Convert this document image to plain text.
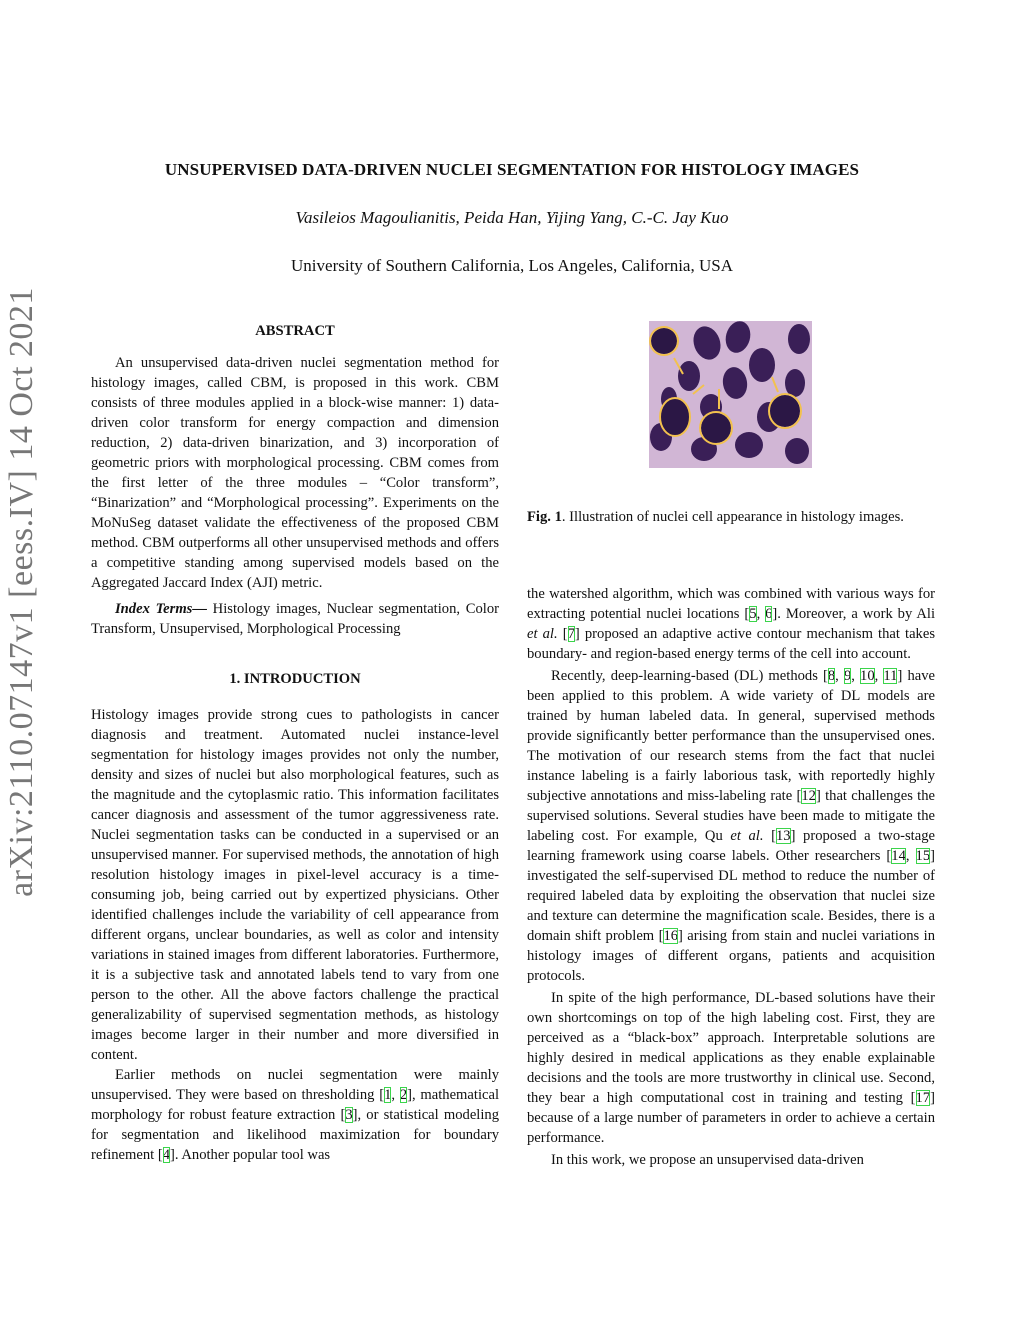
UNSUPERVISED DATA-DRIVEN NUCLEI SEGMENTATION FOR HISTOLOGY IMAGES
Vasileios Magoulianitis, Peida Han, Yijing Yang, C.-C. Jay Kuo
University of Southern California, Los Angeles, California, USA
arXiv:2110.07147v1 [eess.IV] 14 Oct 2021	ABSTRACT

An unsupervised data-driven nuclei segmentation method for histology images, called CBM, is proposed in this work. CBM consists of three modules applied in a block-wise manner: 1) data-driven color transform for energy compaction and dimension reduction, 2) data-driven binarization, and 3) incorporation of geometric priors with morphological processing. CBM comes from the first letter of the three modules – “Color transform”, “Binarization” and “Morphological processing”. Experiments on the MoNuSeg dataset validate the effectiveness of the proposed CBM method. CBM outperforms all other unsupervised methods and offers a competitive standing among supervised models based on the Aggregated Jaccard Index (AJI) metric.

Index Terms— Histology images, Nuclear segmentation, Color Transform, Unsupervised, Morphological Processing

1. INTRODUCTION

Histology images provide strong cues to pathologists in cancer diagnosis and treatment. Automated nuclei instance-level segmentation for histology images provides not only the number, density and sizes of nuclei but also morphological features, such as the magnitude and the cytoplasmic ratio. This information facilitates cancer diagnosis and assessment of the tumor aggressiveness rate. Nuclei segmentation tasks can be conducted in a supervised or an unsupervised manner. For supervised methods, the annotation of high resolution histology images in pixel-level accuracy is a time-consuming job, being carried out by expertized physicians. Other identified challenges include the variability of cell appearance from different organs, unclear boundaries, as well as color and intensity variations in stained images from different laboratories. Furthermore, it is a subjective task and annotated labels tend to vary from one person to the other. All the above factors challenge the practical generalizability of supervised segmentation methods, as histology images become larger in their number and more diversified in content.

Earlier methods on nuclei segmentation were mainly unsupervised. They were based on thresholding [1, 2], mathematical morphology for robust feature extraction [3], or statistical modeling for segmentation and likelihood maximization for boundary refinement [4]. Another popular tool was

Fig. 1. Illustration of nuclei cell appearance in histology images.

the watershed algorithm, which was combined with various ways for extracting potential nuclei locations [5, 6]. Moreover, a work by Ali et al. [7] proposed an adaptive active contour mechanism that takes boundary- and region-based energy terms of the cell into account.

Recently, deep-learning-based (DL) methods [8, 9, 10, 11] have been applied to this problem. A wide variety of DL models are trained by human labeled data. In general, supervised methods provide significantly better performance than the unsupervised ones. The motivation of our research stems from the fact that nuclei instance labeling is a fairly laborious task, with reportedly highly subjective annotations and miss-labeling rate [12] that challenges the supervised solutions. Several studies have been made to mitigate the labeling cost. For example, Qu et al. [13] proposed a two-stage learning framework using coarse labels. Other researchers [14, 15] investigated the self-supervised DL method to reduce the number of required labeled data by exploiting the observation that nuclei size and texture can determine the magnification scale. Besides, there is a domain shift problem [16] arising from stain and nuclei variations in histology images of different organs, patients and acquisition protocols.

In spite of the high performance, DL-based solutions have their own shortcomings on top of the high labeling cost. First, they are perceived as a “black-box” approach. Interpretable solutions are highly desired in medical applications as they enable explainable decisions and the tools are more trustworthy in clinical use. Second, they bear a high computational cost in training and testing [17] because of a large number of parameters in order to achieve a certain performance.

In this work, we propose an unsupervised data-driven
